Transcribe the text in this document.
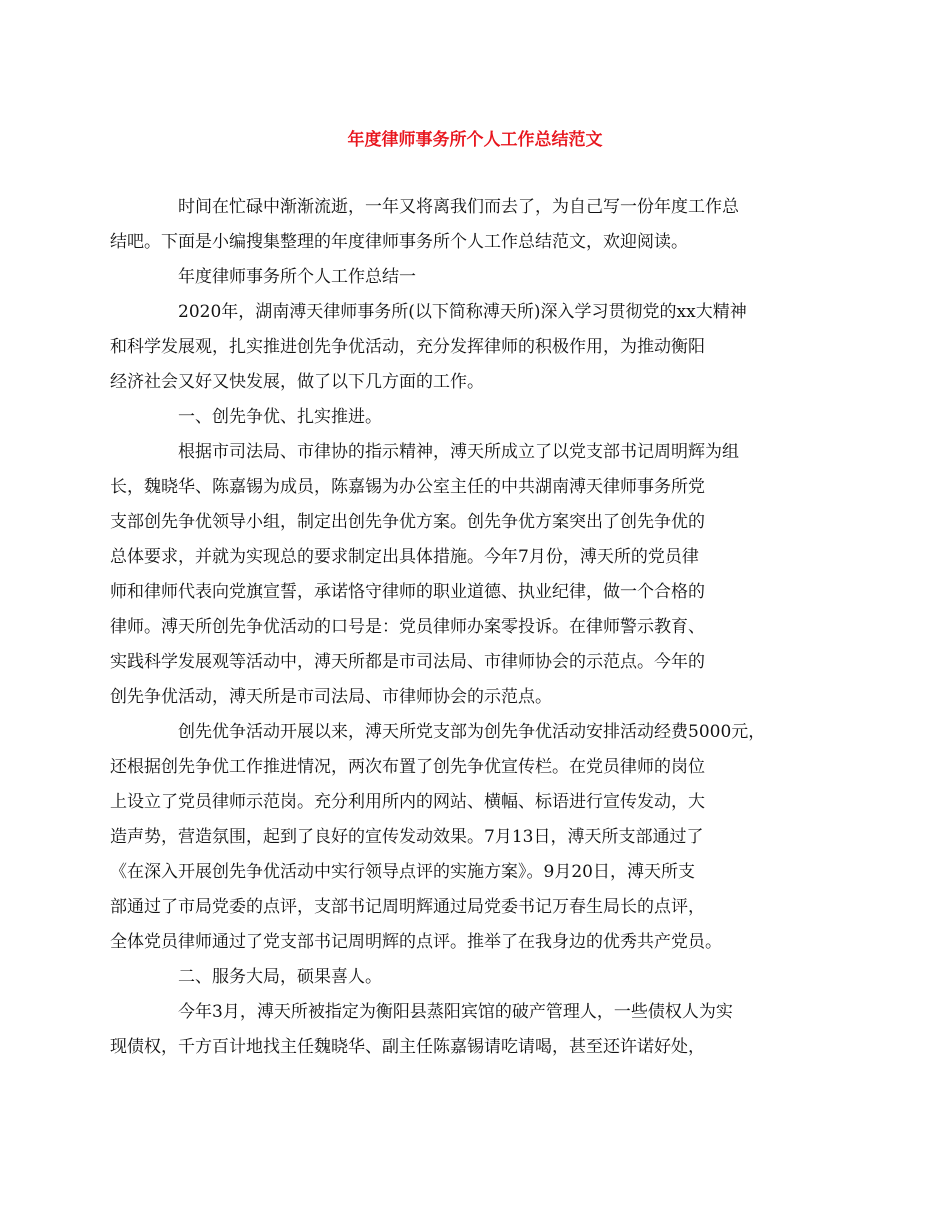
年度律师事务所个人工作总结范文

时间在忙碌中渐渐流逝，一年又将离我们而去了，为自己写一份年度工作总
结吧。下面是小编搜集整理的年度律师事务所个人工作总结范文，欢迎阅读。

年度律师事务所个人工作总结一

2020年，湖南溥天律师事务所(以下简称溥天所)深入学习贯彻党的xx大精神
和科学发展观，扎实推进创先争优活动，充分发挥律师的积极作用，为推动衡阳
经济社会又好又快发展，做了以下几方面的工作。

一、创先争优、扎实推进。

根据市司法局、市律协的指示精神，溥天所成立了以党支部书记周明辉为组
长，魏晓华、陈嘉锡为成员，陈嘉锡为办公室主任的中共湖南溥天律师事务所党
支部创先争优领导小组，制定出创先争优方案。创先争优方案突出了创先争优的
总体要求，并就为实现总的要求制定出具体措施。今年7月份，溥天所的党员律
师和律师代表向党旗宣誓，承诺恪守律师的职业道德、执业纪律，做一个合格的
律师。溥天所创先争优活动的口号是：党员律师办案零投诉。在律师警示教育、
实践科学发展观等活动中，溥天所都是市司法局、市律师协会的示范点。今年的
创先争优活动，溥天所是市司法局、市律师协会的示范点。

创先优争活动开展以来，溥天所党支部为创先争优活动安排活动经费5000元，
还根据创先争优工作推进情况，两次布置了创先争优宣传栏。在党员律师的岗位
上设立了党员律师示范岗。充分利用所内的网站、横幅、标语进行宣传发动，大
造声势，营造氛围，起到了良好的宣传发动效果。7月13日，溥天所支部通过了
《在深入开展创先争优活动中实行领导点评的实施方案》。9月20日，溥天所支
部通过了市局党委的点评，支部书记周明辉通过局党委书记万春生局长的点评，
全体党员律师通过了党支部书记周明辉的点评。推举了在我身边的优秀共产党员。

二、服务大局，硕果喜人。

今年3月，溥天所被指定为衡阳县蒸阳宾馆的破产管理人，一些债权人为实
现债权，千方百计地找主任魏晓华、副主任陈嘉锡请吃请喝，甚至还许诺好处，
